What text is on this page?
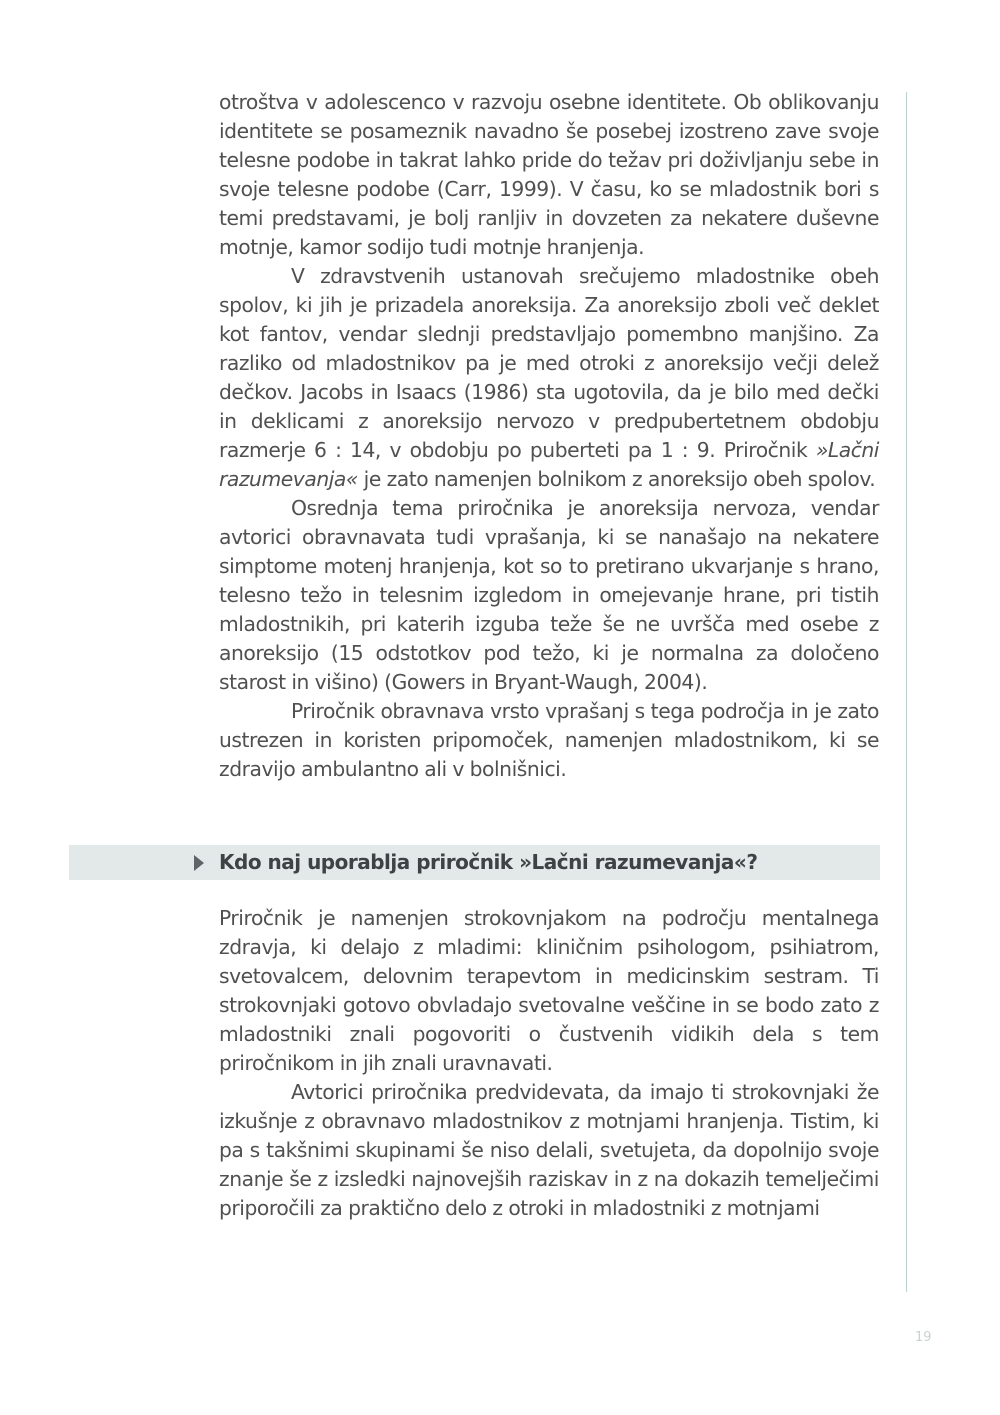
otroštva v adolescenco v razvoju osebne identitete. Ob oblikovanju identitete se posameznik navadno še posebej izostreno zave svoje telesne podobe in takrat lahko pride do težav pri doživljanju sebe in svoje telesne podobe (Carr, 1999). V času, ko se mladostnik bori s temi predstavami, je bolj ranljiv in dovzeten za nekatere duševne motnje, kamor sodijo tudi motnje hranjenja.

V zdravstvenih ustanovah srečujemo mladostnike obeh spolov, ki jih je prizadela anoreksija. Za anoreksijo zboli več deklet kot fantov, vendar slednji predstavljajo pomembno manjšino. Za razliko od mladostnikov pa je med otroki z anoreksijo večji delež dečkov. Jacobs in Isaacs (1986) sta ugotovila, da je bilo med dečki in deklicami z anoreksijo nervozo v predpubertetnem obdobju razmerje 6 : 14, v obdobju po puberteti pa 1 : 9. Priročnik »Lačni razumevanja« je zato namenjen bolnikom z anoreksijo obeh spolov.

Osrednja tema priročnika je anoreksija nervoza, vendar avtorici obravnavata tudi vprašanja, ki se nanašajo na nekatere simptome motenj hranjenja, kot so to pretirano ukvarjanje s hrano, telesno težo in telesnim izgledom in omejevanje hrane, pri tistih mladostnikih, pri katerih izguba teže še ne uvršča med osebe z anoreksijo (15 odstotkov pod težo, ki je normalna za določeno starost in višino) (Gowers in Bryant-Waugh, 2004).

Priročnik obravnava vrsto vprašanj s tega področja in je zato ustrezen in koristen pripomoček, namenjen mladostnikom, ki se zdravijo ambulantno ali v bolnišnici.

Kdo naj uporablja priročnik »Lačni razumevanja«?

Priročnik je namenjen strokovnjakom na področju mentalnega zdravja, ki delajo z mladimi: kliničnim psihologom, psihiatrom, svetovalcem, delovnim terapevtom in medicinskim sestram. Ti strokovnjaki gotovo obvladajo svetovalne veščine in se bodo zato z mladostniki znali pogovoriti o čustvenih vidikih dela s tem priročnikom in jih znali uravnavati.

Avtorici priročnika predvidevata, da imajo ti strokovnjaki že izkušnje z obravnavo mladostnikov z motnjami hranjenja. Tistim, ki pa s takšnimi skupinami še niso delali, svetujeta, da dopolnijo svoje znanje še z izsledki najnovejših raziskav in z na dokazih temelječimi priporočili za praktično delo z otroki in mladostniki z motnjami

19
